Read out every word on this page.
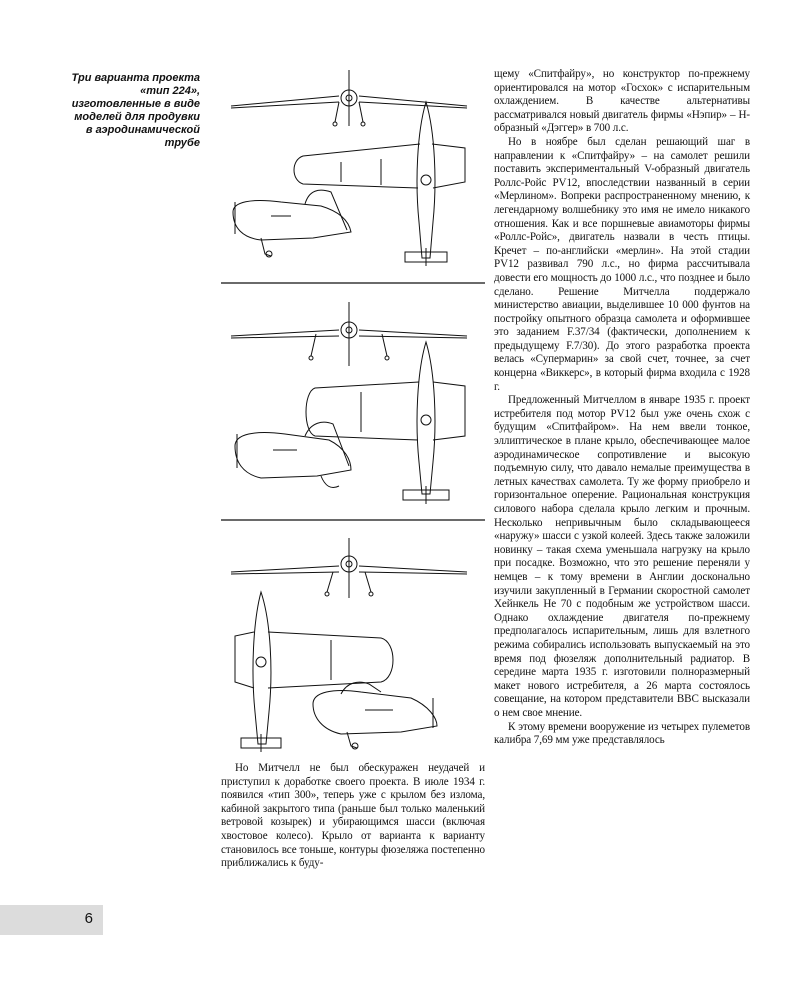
Три варианта проекта «тип 224», изготовленные в виде моделей для продувки в аэродинамической трубе

Но Митчелл не был обескуражен неудачей и приступил к доработке своего проекта. В июле 1934 г. появился «тип 300», теперь уже с крылом без излома, кабиной закрытого типа (раньше был только маленький ветровой козырек) и убирающимся шасси (включая хвостовое колесо). Крыло от варианта к варианту становилось все тоньше, контуры фюзеляжа постепенно приближались к буду-

щему «Спитфайру», но конструктор по-прежнему ориентировался на мотор «Госхок» с испарительным охлаждением. В качестве альтернативы рассматривался новый двигатель фирмы «Нэпир» – Н-образный «Дэггер» в 700 л.с.

Но в ноябре был сделан решающий шаг в направлении к «Спитфайру» – на самолет решили поставить экспериментальный V-образный двигатель Роллс-Ройс PV12, впоследствии названный в серии «Мерлином». Вопреки распространенному мнению, к легендарному волшебнику это имя не имело никакого отношения. Как и все поршневые авиамоторы фирмы «Роллс-Ройс», двигатель назвали в честь птицы. Кречет – по-английски «мерлин». На этой стадии PV12 развивал 790 л.с., но фирма рассчитывала довести его мощность до 1000 л.с., что позднее и было сделано. Решение Митчелла поддержало министерство авиации, выделившее 10 000 фунтов на постройку опытного образца самолета и оформившее это заданием F.37/34 (фактически, дополнением к предыдущему F.7/30). До этого разработка проекта велась «Супермарин» за свой счет, точнее, за счет концерна «Виккерс», в который фирма входила с 1928 г.

Предложенный Митчеллом в январе 1935 г. проект истребителя под мотор PV12 был уже очень схож с будущим «Спитфайром». На нем ввели тонкое, эллиптическое в плане крыло, обеспечивающее малое аэродинамическое сопротивление и высокую подъемную силу, что давало немалые преимущества в летных качествах самолета. Ту же форму приобрело и горизонтальное оперение. Рациональная конструкция силового набора сделала крыло легким и прочным. Несколько непривычным было складывающееся «наружу» шасси с узкой колеей. Здесь также заложили новинку – такая схема уменьшала нагрузку на крыло при посадке. Возможно, что это решение переняли у немцев – к тому времени в Англии досконально изучили закупленный в Германии скоростной самолет Хейнкель Не 70 с подобным же устройством шасси. Однако охлаждение двигателя по-прежнему предполагалось испарительным, лишь для взлетного режима собирались использовать выпускаемый на это время под фюзеляж дополнительный радиатор. В середине марта 1935 г. изготовили полноразмерный макет нового истребителя, а 26 марта состоялось совещание, на котором представители ВВС высказали о нем свое мнение.

К этому времени вооружение из четырех пулеметов калибра 7,69 мм уже представлялось

6
